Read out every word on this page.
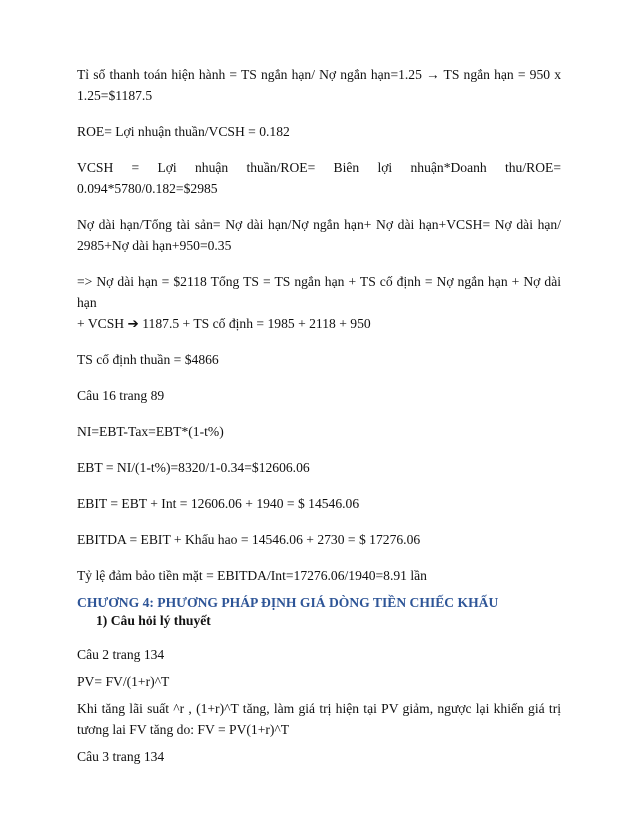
Tỉ số thanh toán hiện hành = TS ngắn hạn/ Nợ ngắn hạn=1.25 → TS ngắn hạn = 950 x
1.25=$1187.5

ROE= Lợi nhuận thuần/VCSH = 0.182

VCSH = Lợi nhuận thuần/ROE= Biên lợi nhuận*Doanh thu/ROE=
0.094*5780/0.182=$2985

Nợ dài hạn/Tổng tài sản= Nợ dài hạn/Nợ ngắn hạn+ Nợ dài hạn+VCSH= Nợ dài hạn/
2985+Nợ dài hạn+950=0.35

=> Nợ dài hạn = $2118 Tổng TS = TS ngắn hạn + TS cố định = Nợ ngắn hạn + Nợ dài hạn
+ VCSH ➔ 1187.5 + TS cố định = 1985 + 2118 + 950

TS cố định thuần = $4866

Câu 16 trang 89

NI=EBT-Tax=EBT*(1-t%)

EBT = NI/(1-t%)=8320/1-0.34=$12606.06

EBIT = EBT + Int = 12606.06 + 1940 = $ 14546.06

EBITDA = EBIT + Khấu hao = 14546.06 + 2730 = $ 17276.06

Tỷ lệ đảm bảo tiền mặt = EBITDA/Int=17276.06/1940=8.91 lần

CHƯƠNG 4: PHƯƠNG PHÁP ĐỊNH GIÁ DÒNG TIỀN CHIẾC KHẤU
1) Câu hỏi lý thuyết

Câu 2 trang 134

PV= FV/(1+r)^T

Khi tăng lãi suất ^r , (1+r)^T tăng, làm giá trị hiện tại PV giảm, ngược lại khiến giá trị
tương lai FV tăng do: FV = PV(1+r)^T

Câu 3 trang 134
